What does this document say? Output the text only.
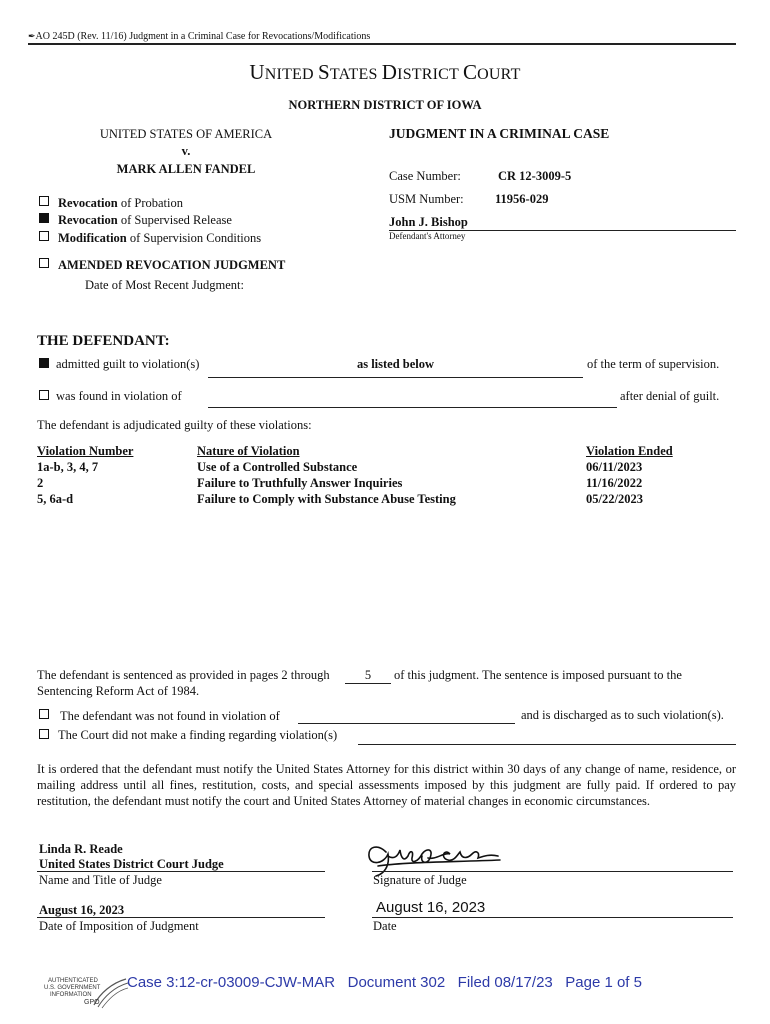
✒AO 245D (Rev. 11/16) Judgment in a Criminal Case for Revocations/Modifications
UNITED STATES DISTRICT COURT
NORTHERN DISTRICT OF IOWA
UNITED STATES OF AMERICA
v.
MARK ALLEN FANDEL
JUDGMENT IN A CRIMINAL CASE
Case Number:	CR 12-3009-5
USM Number:	11956-029
John J. Bishop
Defendant's Attorney
Revocation of Probation
Revocation of Supervised Release
Modification of Supervision Conditions
AMENDED REVOCATION JUDGMENT
Date of Most Recent Judgment:
THE DEFENDANT:
admitted guilt to violation(s)	as listed below	of the term of supervision.
was found in violation of	after denial of guilt.
The defendant is adjudicated guilty of these violations:
Violation Number	Nature of Violation	Violation Ended
1a-b, 3, 4, 7	Use of a Controlled Substance	06/11/2023
2	Failure to Truthfully Answer Inquiries	11/16/2022
5, 6a-d	Failure to Comply with Substance Abuse Testing	05/22/2023
The defendant is sentenced as provided in pages 2 through	5	of this judgment. The sentence is imposed pursuant to the
Sentencing Reform Act of 1984.
The defendant was not found in violation of	and is discharged as to such violation(s).
The Court did not make a finding regarding violation(s)
It is ordered that the defendant must notify the United States Attorney for this district within 30 days of any change of name, residence, or mailing address until all fines, restitution, costs, and special assessments imposed by this judgment are fully paid. If ordered to pay restitution, the defendant must notify the court and United States Attorney of material changes in economic circumstances.
Linda R. Reade
United States District Court Judge
Name and Title of Judge	Signature of Judge
August 16, 2023
Date of Imposition of Judgment
August 16, 2023
Date
AUTHENTICATED
U.S. GOVERNMENT
INFORMATION
GPO
Case 3:12-cr-03009-CJW-MAR   Document 302   Filed 08/17/23   Page 1 of 5
